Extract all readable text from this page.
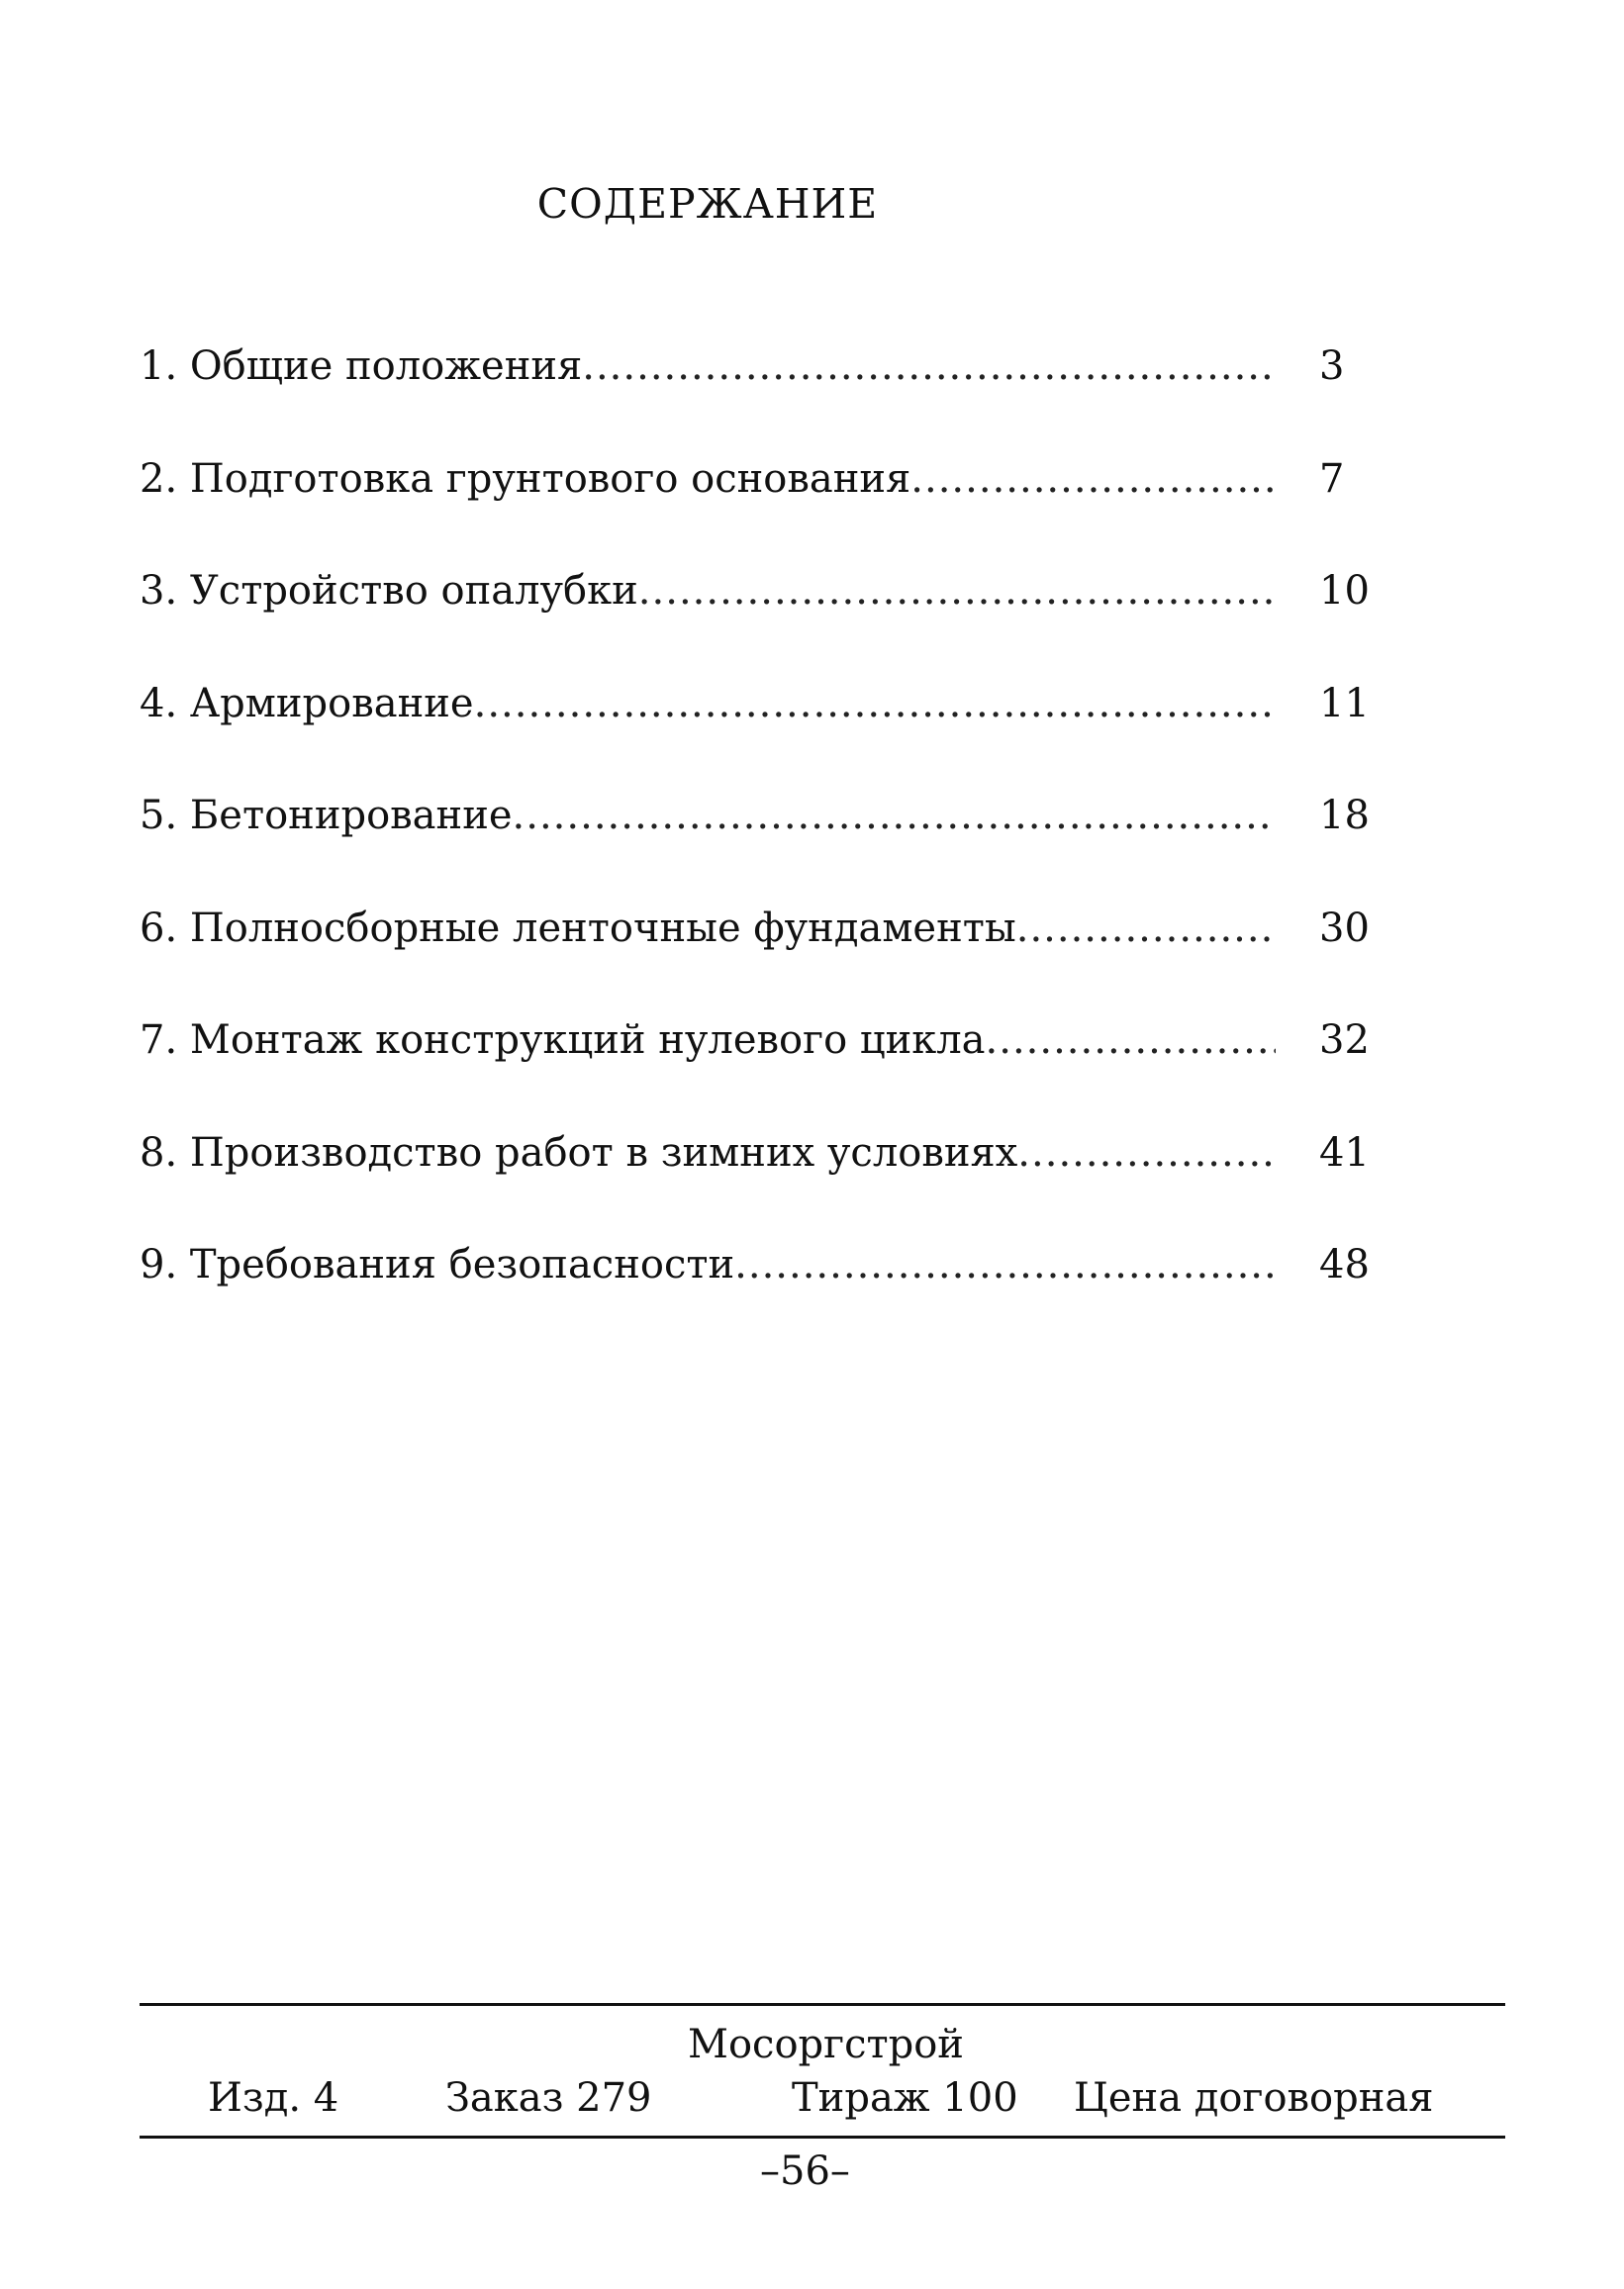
СОДЕРЖАНИЕ
1. Общие положения .....	3
2. Подготовка грунтового основания .....	7
3. Устройство опалубки .....	10
4. Армирование .....	11
5. Бетонирование .....	18
6. Полносборные ленточные фундаменты .....	30
7. Монтаж конструкций нулевого цикла .....	32
8. Производство работ в зимних условиях .....	41
9. Требования безопасности .....	48
Мосоргстрой
Изд. 4	Заказ 279	Тираж 100 Цена договорная
–56–
